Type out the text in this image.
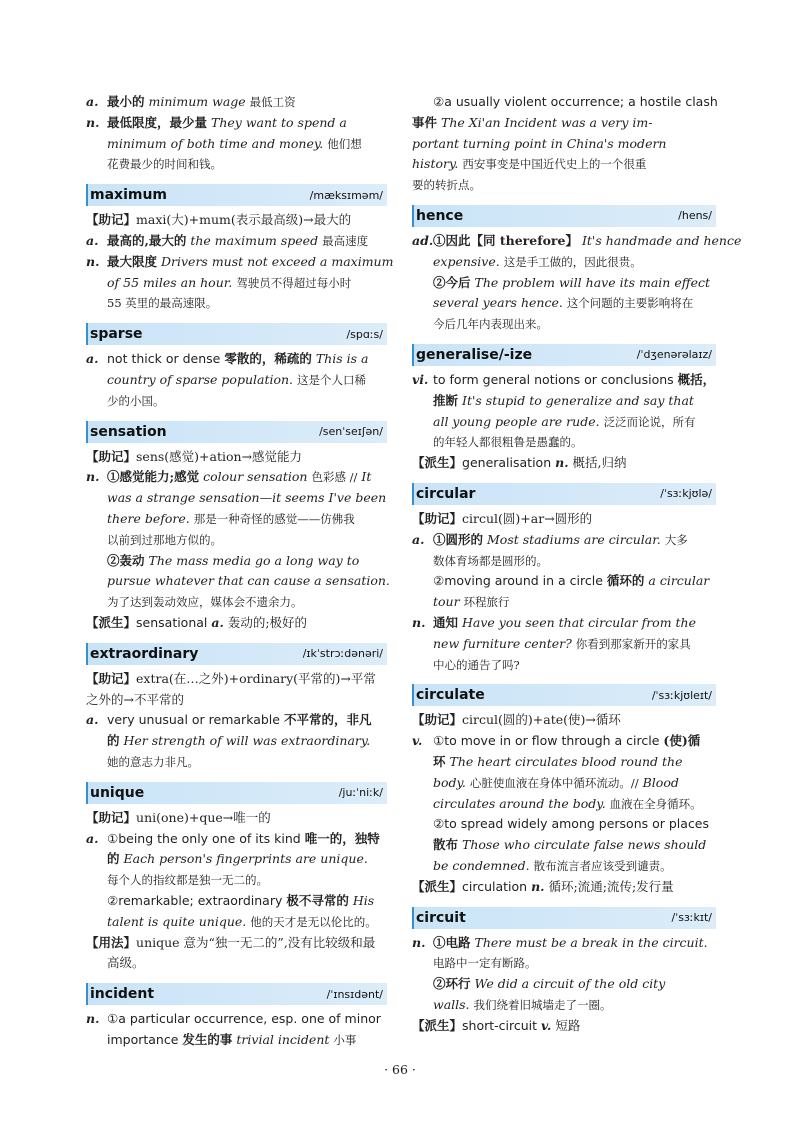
a. 最小的 minimum wage 最低工资
n. 最低限度，最少量 They want to spend a
minimum of both time and money. 他们想
花费最少的时间和钱。
maximum	/mæksɪməm/
【助记】maxi(大)+mum(表示最高级)→最大的
a. 最高的,最大的 the maximum speed 最高速度
n. 最大限度 Drivers must not exceed a maximum
of 55 miles an hour. 驾驶员不得超过每小时
55 英里的最高速限。
sparse	/spɑːs/
a. not thick or dense 零散的，稀疏的 This is a
country of sparse population. 这是个人口稀
少的小国。
sensation	/senˈseɪʃən/
【助记】sens(感觉)+ation→感觉能力
n. ①感觉能力;感觉 colour sensation 色彩感 // It
was a strange sensation—it seems I've been
there before. 那是一种奇怪的感觉——仿佛我
以前到过那地方似的。
②轰动 The mass media go a long way to
pursue whatever that can cause a sensation.
为了达到轰动效应，媒体会不遗余力。
【派生】sensational a. 轰动的;极好的
extraordinary	/ɪkˈstrɔːdənəri/
【助记】extra(在…之外)+ordinary(平常的)→平常
之外的→不平常的
a. very unusual or remarkable 不平常的，非凡
的 Her strength of will was extraordinary.
她的意志力非凡。
unique	/juːˈniːk/
【助记】uni(one)+que→唯一的
a. ①being the only one of its kind 唯一的，独特
的 Each person's fingerprints are unique.
每个人的指纹都是独一无二的。
②remarkable; extraordinary 极不寻常的 His
talent is quite unique. 他的天才是无以伦比的。
【用法】unique 意为“独一无二的”,没有比较级和最
高级。
incident	/ˈɪnsɪdənt/
n. ①a particular occurrence, esp. one of minor
importance 发生的事 trivial incident 小事
②a usually violent occurrence; a hostile clash
事件 The Xi'an Incident was a very im-
portant turning point in China's modern
history. 西安事变是中国近代史上的一个很重
要的转折点。
hence	/hens/
ad.①因此【同 therefore】 It's handmade and hence
expensive. 这是手工做的，因此很贵。
②今后 The problem will have its main effect
several years hence. 这个问题的主要影响将在
今后几年内表现出来。
generalise/-ize	/ˈdʒenərəlaɪz/
vi. to form general notions or conclusions 概括，
推断 It's stupid to generalize and say that
all young people are rude. 泛泛而论说，所有
的年轻人都很粗鲁是愚蠢的。
【派生】generalisation n. 概括,归纳
circular	/ˈsɜːkjʊlə/
【助记】circul(圆)+ar→圆形的
a. ①圆形的 Most stadiums are circular. 大多
数体育场都是圆形的。
②moving around in a circle 循环的 a circular
tour 环程旅行
n. 通知 Have you seen that circular from the
new furniture center? 你看到那家新开的家具
中心的通告了吗?
circulate	/ˈsɜːkjʊleɪt/
【助记】circul(圆的)+ate(使)→循环
v. ①to move in or flow through a circle (使)循
环 The heart circulates blood round the
body. 心脏使血液在身体中循环流动。// Blood
circulates around the body. 血液在全身循环。
②to spread widely among persons or places
散布 Those who circulate false news should
be condemned. 散布流言者应该受到谴责。
【派生】circulation n. 循环;流通;流传;发行量
circuit	/ˈsɜːkɪt/
n. ①电路 There must be a break in the circuit.
电路中一定有断路。
②环行 We did a circuit of the old city
walls. 我们绕着旧城墙走了一圈。
【派生】short-circuit v. 短路
· 66 ·
